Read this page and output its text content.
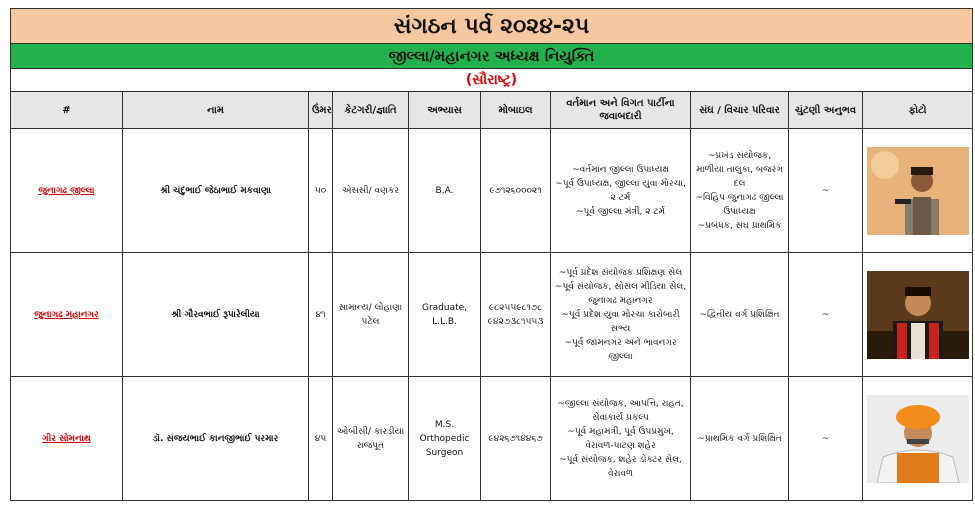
સંગઠન પર્વ ૨૦૨૪-૨૫									
જીલ્લા/મહાનગર અધ્યક્ષ નિયુક્તિ									
(સૌરાષ્ટ્ર)									
#	નામ	ઉંમર	કેટગરી/જ્ઞાતિ	અભ્યાસ	મોબાઇલ	વર્તમાન અને વિગત પાર્ટીના જવાબદારી	સંઘ / વિચાર પરિવાર	ચુંટણી અનુભવ	ફોટો
જુનાગઢ જીલ્લા	શ્રી ચંદુભાઈ જેઠાભાઈ મકવાણા	૫૦	એસસી/ વણકર	B.A.	૯૭૧૨૬૦૦૦૨૧	~વર્તમાન જીલ્લા ઉપાધ્યક્ષ
~પૂર્વ ઉપાધ્યક્ષ, જીલ્લા યુવા મોરચા, ૨ ટર્મ
~પૂર્વ જીલ્લા મંત્રી, ૨ ટર્મ	~પ્રખંડ સંયોજક, માળીયા તાલુકા, બજરંગ દલ
~વિહિપ જુનાગઢ જીલ્લા ઉપાધ્યક્ષ
~પ્રબંધક, સંઘ પ્રાથમિક	~	

જુનાગઢ મહાનગર	શ્રી ગૌરવભાઈ રૂપારેલીયા	૪૧	સામાન્ય/ લોહાણા પટેલ	Graduate, L.L.B.	૯૮૨૫૫૯૮૧૭૮ ૯૪૨૭૩૮૧૫૫૩	~પૂર્વ પ્રદેશ સંયોજક પ્રશિક્ષણ સેલ
~પૂર્વ સંયોજક, સોસલ મીડિયા સેલ, જુનાગઢ મહાનગર
~પૂર્વ પ્રદેશ યુવા મોરચા કારોબારી સભ્ય
~પૂર્વ જામનગર અને ભાવનગર જીલ્લા	~દ્વિતીય વર્ગ પ્રશિક્ષિત	~	

ગીર સોમનાથ	ડૉ. સંજયભાઈ કાનજીભાઈ પરમાર	૪૫	ઓબીસી/ કારડીયા રાજપૂત	M.S. Orthopedic Surgeon	૯૪૨૬૭૧૪૪૬૭	~જીલ્લા સંયોજક, આપત્તિ, રાહત, સેવાકાર્ય પ્રકલ્પ
~પૂર્વ મહામંત્રી, પૂર્વ ઉપપ્રમુખ, વેરાવળ-પાટણ શહેર
~પૂર્વ સંયોજક, શહેર ડોક્ટર સેલ, વેરાવળ	~પ્રાથમિક વર્ગ પ્રશિક્ષિત	~	
